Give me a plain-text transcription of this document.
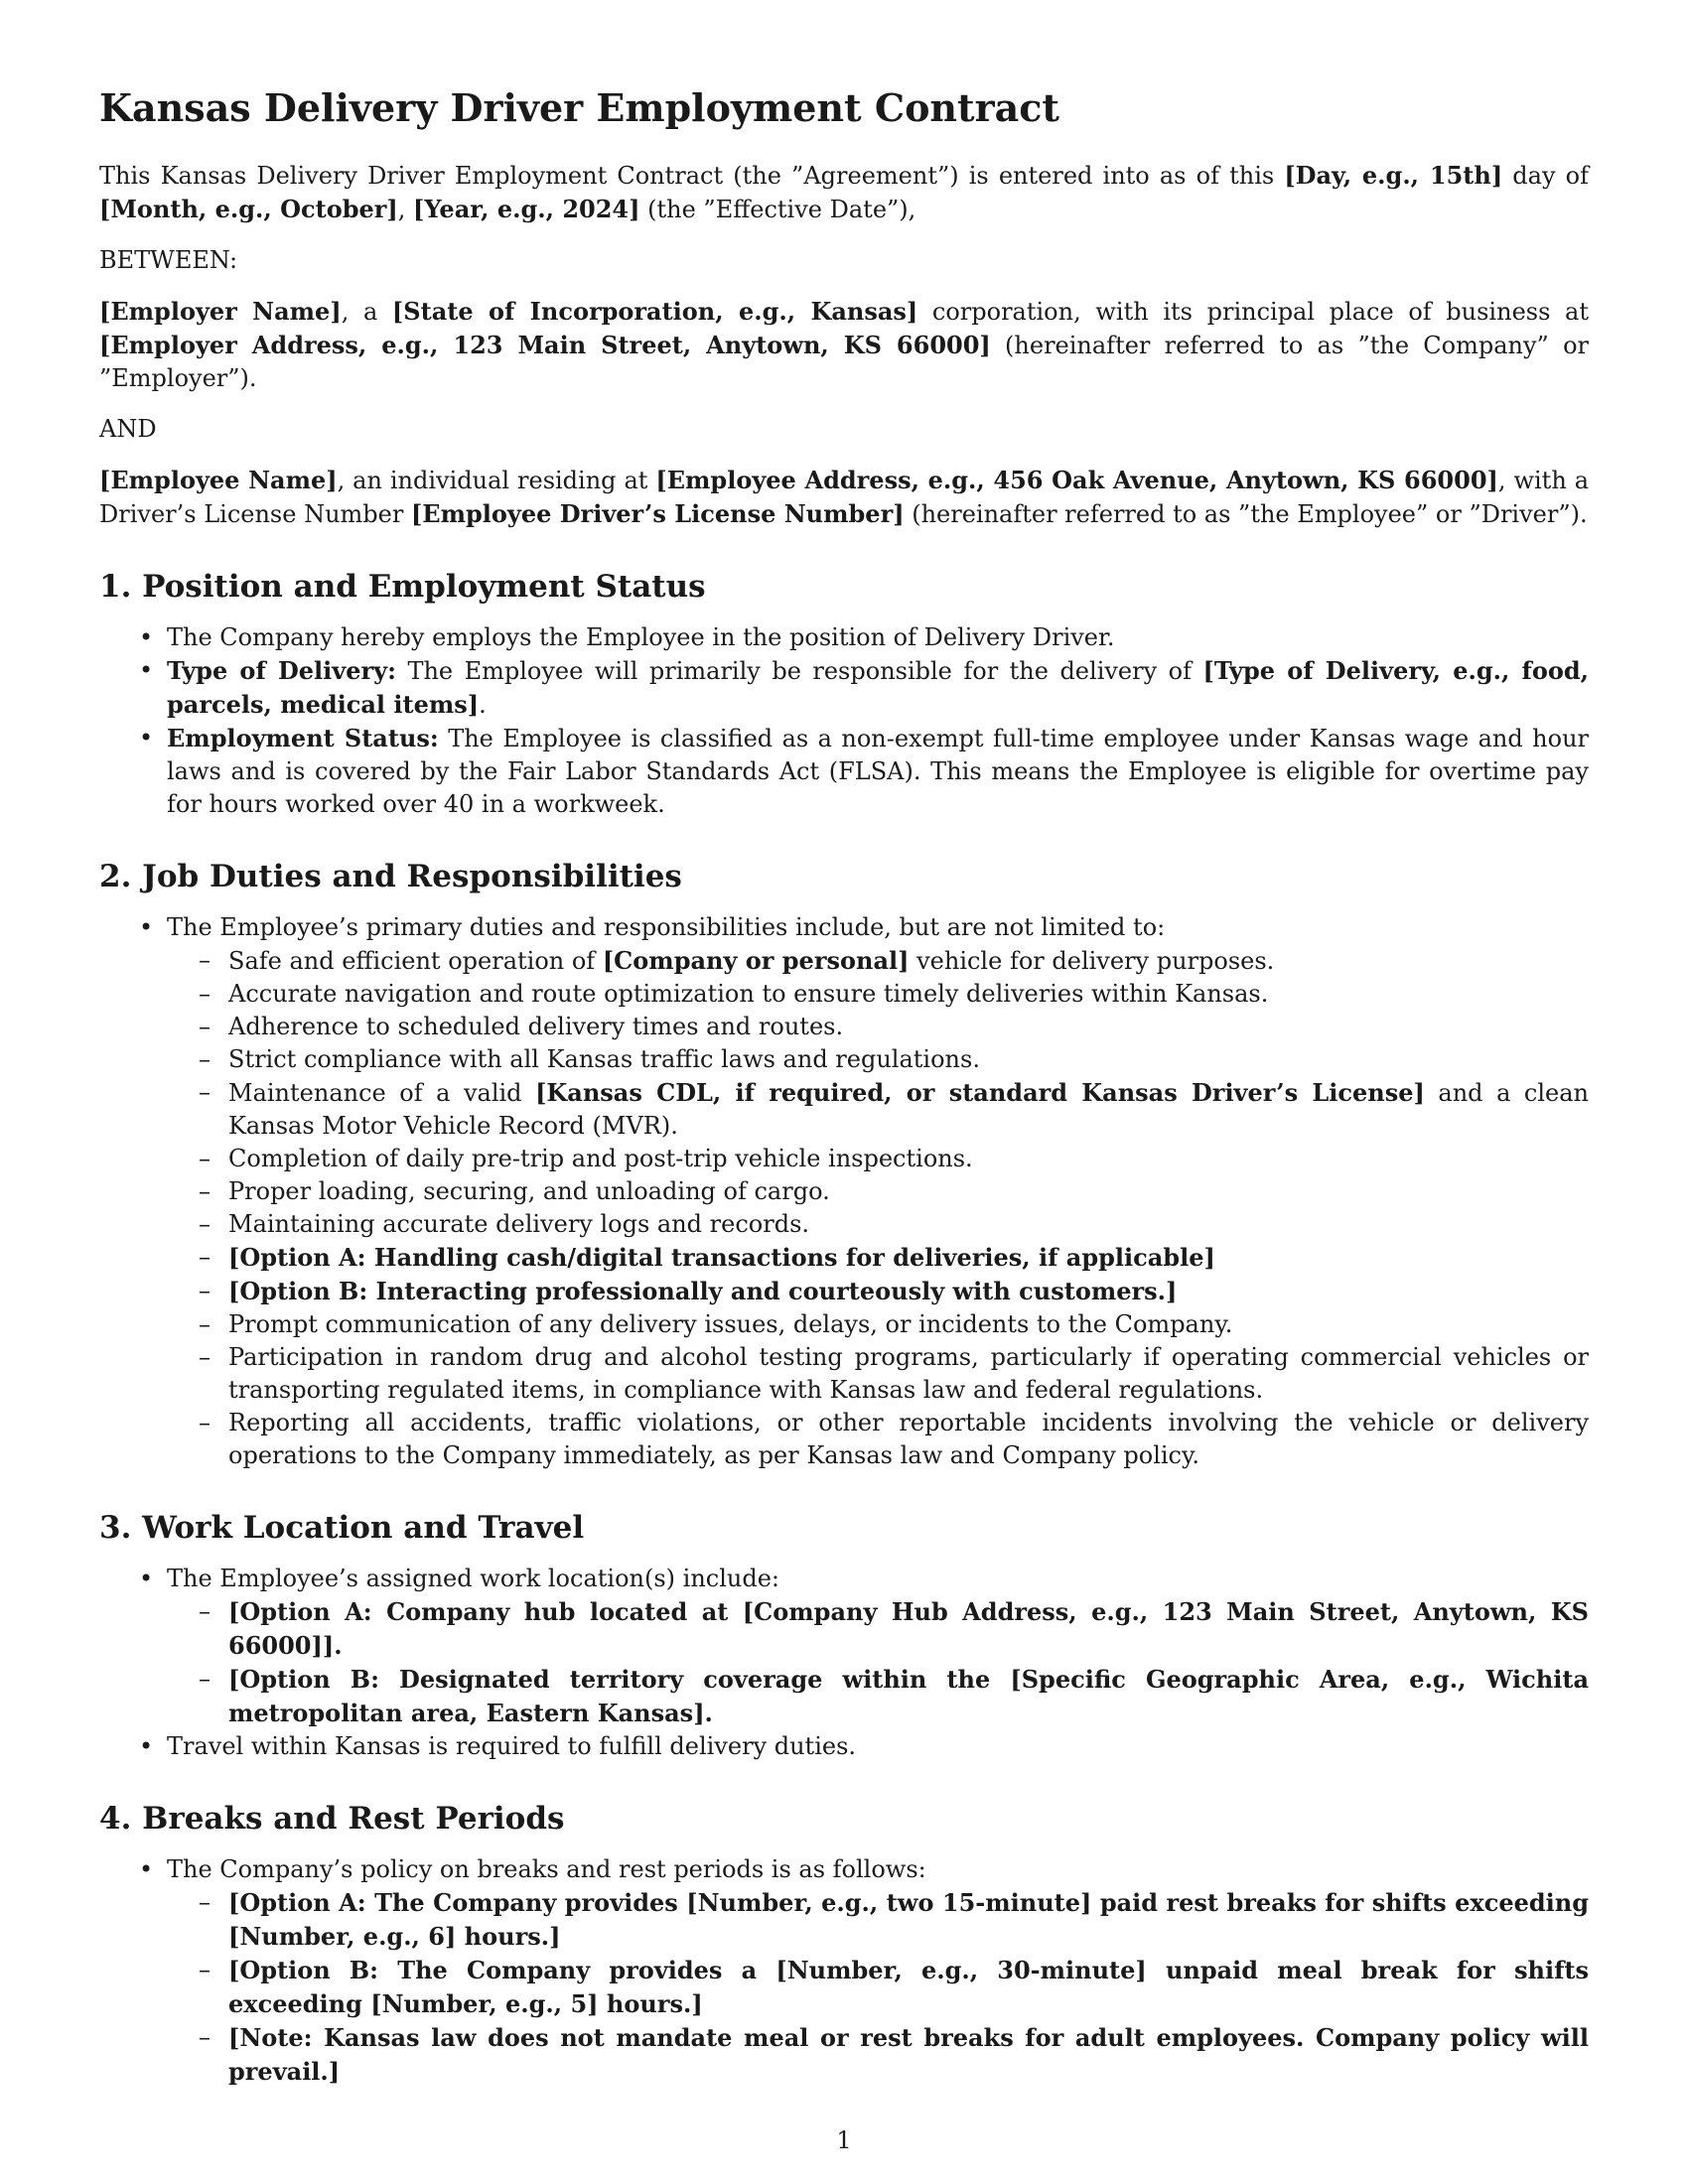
Kansas Delivery Driver Employment Contract

This Kansas Delivery Driver Employment Contract (the ”Agreement”) is entered into as of this [Day, e.g., 15th] day of [Month, e.g., October], [Year, e.g., 2024] (the ”Effective Date”),

BETWEEN:

[Employer Name], a [State of Incorporation, e.g., Kansas] corporation, with its principal place of business at [Employer Address, e.g., 123 Main Street, Anytown, KS 66000] (hereinafter referred to as ”the Company” or ”Employer”).

AND

[Employee Name], an individual residing at [Employee Address, e.g., 456 Oak Avenue, Anytown, KS 66000], with a Driver’s License Number [Employee Driver’s License Number] (hereinafter referred to as ”the Employee” or ”Driver”).

1. Position and Employment Status
• The Company hereby employs the Employee in the position of Delivery Driver.
• Type of Delivery: The Employee will primarily be responsible for the delivery of [Type of Delivery, e.g., food, parcels, medical items].
• Employment Status: The Employee is classified as a non-exempt full-time employee under Kansas wage and hour laws and is covered by the Fair Labor Standards Act (FLSA). This means the Employee is eligible for overtime pay for hours worked over 40 in a workweek.
2. Job Duties and Responsibilities
• The Employee’s primary duties and responsibilities include, but are not limited to:
– Safe and efficient operation of [Company or personal] vehicle for delivery purposes.
– Accurate navigation and route optimization to ensure timely deliveries within Kansas.
– Adherence to scheduled delivery times and routes.
– Strict compliance with all Kansas traffic laws and regulations.
– Maintenance of a valid [Kansas CDL, if required, or standard Kansas Driver’s License] and a clean Kansas Motor Vehicle Record (MVR).
– Completion of daily pre-trip and post-trip vehicle inspections.
– Proper loading, securing, and unloading of cargo.
– Maintaining accurate delivery logs and records.
– [Option A: Handling cash/digital transactions for deliveries, if applicable]
– [Option B: Interacting professionally and courteously with customers.]
– Prompt communication of any delivery issues, delays, or incidents to the Company.
– Participation in random drug and alcohol testing programs, particularly if operating commercial vehicles or transporting regulated items, in compliance with Kansas law and federal regulations.
– Reporting all accidents, traffic violations, or other reportable incidents involving the vehicle or delivery operations to the Company immediately, as per Kansas law and Company policy.
3. Work Location and Travel
• The Employee’s assigned work location(s) include:
– [Option A: Company hub located at [Company Hub Address, e.g., 123 Main Street, Anytown, KS 66000]].
– [Option B: Designated territory coverage within the [Specific Geographic Area, e.g., Wichita metropolitan area, Eastern Kansas].
• Travel within Kansas is required to fulfill delivery duties.
4. Breaks and Rest Periods
• The Company’s policy on breaks and rest periods is as follows:
– [Option A: The Company provides [Number, e.g., two 15-minute] paid rest breaks for shifts exceeding [Number, e.g., 6] hours.]
– [Option B: The Company provides a [Number, e.g., 30-minute] unpaid meal break for shifts exceeding [Number, e.g., 5] hours.]
– [Note: Kansas law does not mandate meal or rest breaks for adult employees. Company policy will prevail.]
1
